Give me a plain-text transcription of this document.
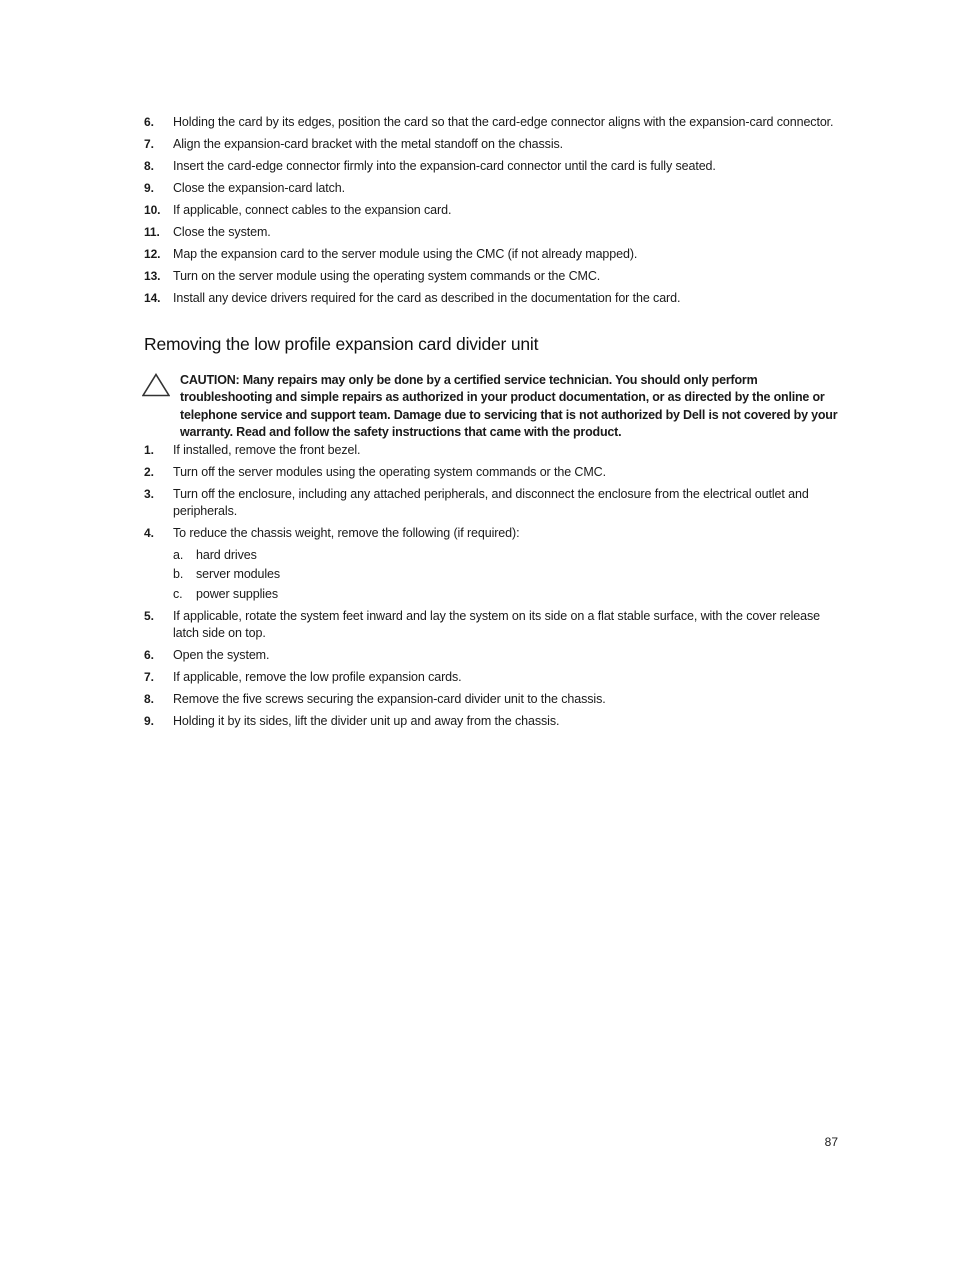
6. Holding the card by its edges, position the card so that the card-edge connector aligns with the expansion-card connector.
7. Align the expansion-card bracket with the metal standoff on the chassis.
8. Insert the card-edge connector firmly into the expansion-card connector until the card is fully seated.
9. Close the expansion-card latch.
10. If applicable, connect cables to the expansion card.
11. Close the system.
12. Map the expansion card to the server module using the CMC (if not already mapped).
13. Turn on the server module using the operating system commands or the CMC.
14. Install any device drivers required for the card as described in the documentation for the card.
Removing the low profile expansion card divider unit
CAUTION: Many repairs may only be done by a certified service technician. You should only perform troubleshooting and simple repairs as authorized in your product documentation, or as directed by the online or telephone service and support team. Damage due to servicing that is not authorized by Dell is not covered by your warranty. Read and follow the safety instructions that came with the product.
1. If installed, remove the front bezel.
2. Turn off the server modules using the operating system commands or the CMC.
3. Turn off the enclosure, including any attached peripherals, and disconnect the enclosure from the electrical outlet and peripherals.
4. To reduce the chassis weight, remove the following (if required):
a. hard drives
b. server modules
c. power supplies
5. If applicable, rotate the system feet inward and lay the system on its side on a flat stable surface, with the cover release latch side on top.
6. Open the system.
7. If applicable, remove the low profile expansion cards.
8. Remove the five screws securing the expansion-card divider unit to the chassis.
9. Holding it by its sides, lift the divider unit up and away from the chassis.
87
